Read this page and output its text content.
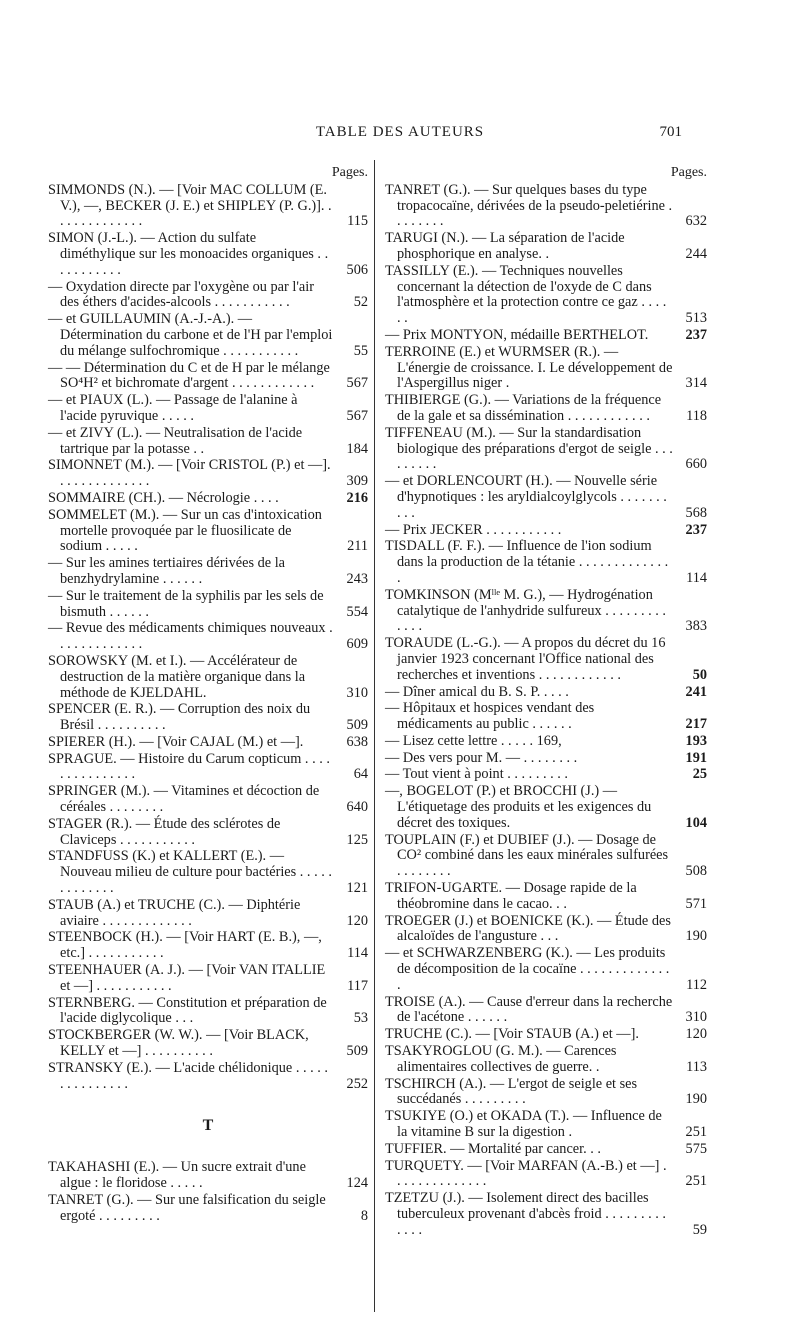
TABLE DES AUTEURS	701
Pages.
SIMMONDS (N.). — [Voir MAC COLLUM (E. V.), —, BECKER (J. E.) et SHIPLEY (P. G.)]. . . . . . . . . . . . . .	115
SIMON (J.-L.). — Action du sulfate diméthylique sur les monoacides organiques . . . . . . . . . . .	506
— Oxydation directe par l'oxygène ou par l'air des éthers d'acides-alcools . . . . . . . . . . .	52
— et GUILLAUMIN (A.-J.-A.). — Détermination du carbone et de l'H par l'emploi du mélange sulfochromique . . . . . . . . . . .	55
— — Détermination du C et de H par le mélange SO⁴H² et bichromate d'argent . . . . . . . . . . . . 567
— et PIAUX (L.). — Passage de l'alanine à l'acide pyruvique . . . . .	567
— et ZIVY (L.). — Neutralisation de l'acide tartrique par la potasse . .	184
SIMONNET (M.). — [Voir CRISTOL (P.) et —]. . . . . . . . . . . . . .	309
SOMMAIRE (CH.). — Nécrologie . . . .	216
SOMMELET (M.). — Sur un cas d'intoxication mortelle provoquée par le fluosilicate de sodium . . . . .	211
— Sur les amines tertiaires dérivées de la benzhydrylamine . . . . . .	243
— Sur le traitement de la syphilis par les sels de bismuth . . . . . .	554
— Revue des médicaments chimiques nouveaux . . . . . . . . . . . . .	609
SOROWSKY (M. et I.). — Accélérateur de destruction de la matière organique dans la méthode de KJELDAHL.	310
SPENCER (E. R.). — Corruption des noix du Brésil . . . . . . . . . .	509
SPIERER (H.). — [Voir CAJAL (M.) et —].	638
SPRAGUE. — Histoire du Carum copticum . . . . . . . . . . . . . . .	64
SPRINGER (M.). — Vitamines et décoction de céréales . . . . . . . .	640
STAGER (R.). — Étude des sclérotes de Claviceps . . . . . . . . . . .	125
STANDFUSS (K.) et KALLERT (E.). — Nouveau milieu de culture pour bactéries . . . . . . . . . . . . .	121
STAUB (A.) et TRUCHE (C.). — Diphtérie aviaire . . . . . . . . . . . . .	120
STEENBOCK (H.). — [Voir HART (E. B.), —, etc.] . . . . . . . . . . .	114
STEENHAUER (A. J.). — [Voir VAN ITALLIE et —] . . . . . . . . . . .	117
STERNBERG. — Constitution et préparation de l'acide diglycolique . . .	53
STOCKBERGER (W. W.). — [Voir BLACK, KELLY et —] . . . . . . . . . .	509
STRANSKY (E.). — L'acide chélidonique . . . . . . . . . . . . . . .	252
T
TAKAHASHI (E.). — Un sucre extrait d'une algue : le floridose . . . . .	124
TANRET (G.). — Sur une falsification du seigle ergoté . . . . . . . . .	8
Pages.
TANRET (G.). — Sur quelques bases du type tropacocaïne, dérivées de la pseudo-peletiérine . . . . . . . .	632
TARUGI (N.). — La séparation de l'acide phosphorique en analyse. .	244
TASSILLY (E.). — Techniques nouvelles concernant la détection de l'oxyde de C dans l'atmosphère et la protection contre ce gaz . . . . . .	513
— Prix MONTYON, médaille BERTHELOT.	237
TERROINE (E.) et WURMSER (R.). — L'énergie de croissance. I. Le développement de l'Aspergillus niger .	314
THIBIERGE (G.). — Variations de la fréquence de la gale et sa dissémination . . . . . . . . . . . .	118
TIFFENEAU (M.). — Sur la standardisation biologique des préparations d'ergot de seigle . . . . . . . . .	660
— et DORLENCOURT (H.). — Nouvelle série d'hypnotiques : les aryldialcoylglycols . . . . . . . . . .	568
— Prix JECKER . . . . . . . . . . .	237
TISDALL (F. F.). — Influence de l'ion sodium dans la production de la tétanie . . . . . . . . . . . . . .	114
TOMKINSON (Mˡˡᵉ M. G.), — Hydrogénation catalytique de l'anhydride sulfureux . . . . . . . . . . . . .	383
TORAUDE (L.-G.). — A propos du décret du 16 janvier 1923 concernant l'Office national des recherches et inventions . . . . . . . . . . . .	50
— Dîner amical du B. S. P. . . . .	241
— Hôpitaux et hospices vendant des médicaments au public . . . . . .	217
— Lisez cette lettre . . . . . 169,	193
— Des vers pour M. — . . . . . . . .	191
— Tout vient à point . . . . . . . . .	25
—, BOGELOT (P.) et BROCCHI (J.) — L'étiquetage des produits et les exigences du décret des toxiques.	104
TOUPLAIN (F.) et DUBIEF (J.). — Dosage de CO² combiné dans les eaux minérales sulfurées . . . . . . . .	508
TRIFON-UGARTE. — Dosage rapide de la théobromine dans le cacao. . .	571
TROEGER (J.) et BOENICKE (K.). — Étude des alcaloïdes de l'angusture . . .	190
— et SCHWARZENBERG (K.). — Les produits de décomposition de la cocaïne . . . . . . . . . . . . . .	112
TROISE (A.). — Cause d'erreur dans la recherche de l'acétone . . . . . .	310
TRUCHE (C.). — [Voir STAUB (A.) et —].	120
TSAKYROGLOU (G. M.). — Carences alimentaires collectives de guerre. .	113
TSCHIRCH (A.). — L'ergot de seigle et ses succédanés . . . . . . . . .	190
TSUKIYE (O.) et OKADA (T.). — Influence de la vitamine B sur la digestion .	251
TUFFIER. — Mortalité par cancer. . .	575
TURQUETY. — [Voir MARFAN (A.-B.) et —] . . . . . . . . . . . . . .	251
TZETZU (J.). — Isolement direct des bacilles tuberculeux provenant d'abcès froid . . . . . . . . . . . . .	59
